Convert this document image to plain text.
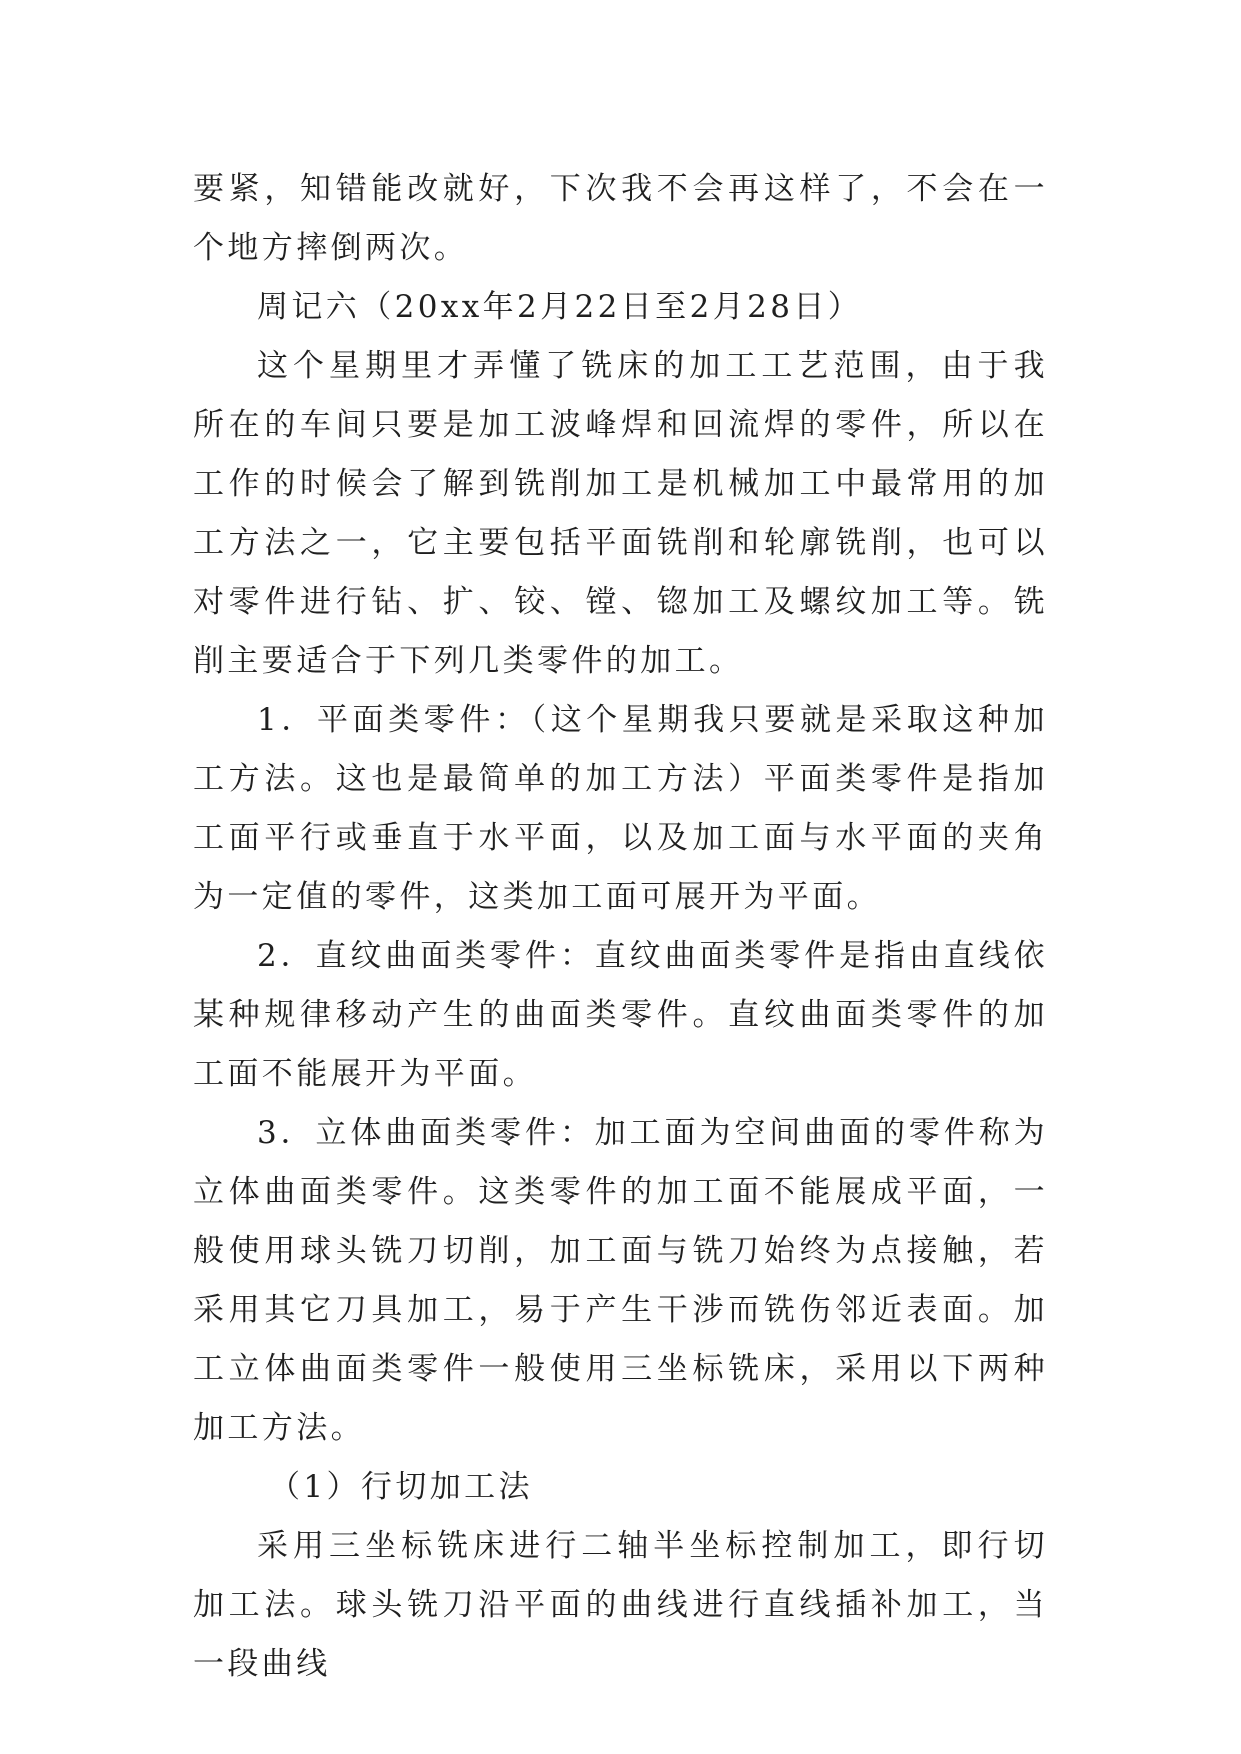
要紧，知错能改就好，下次我不会再这样了，不会在一个地方摔倒两次。

周记六（20xx年2月22日至2月28日）

这个星期里才弄懂了铣床的加工工艺范围，由于我所在的车间只要是加工波峰焊和回流焊的零件，所以在工作的时候会了解到铣削加工是机械加工中最常用的加工方法之一，它主要包括平面铣削和轮廓铣削，也可以对零件进行钻、扩、铰、镗、锪加工及螺纹加工等。铣削主要适合于下列几类零件的加工。

1．平面类零件：（这个星期我只要就是采取这种加工方法。这也是最简单的加工方法）平面类零件是指加工面平行或垂直于水平面，以及加工面与水平面的夹角为一定值的零件，这类加工面可展开为平面。

2．直纹曲面类零件：直纹曲面类零件是指由直线依某种规律移动产生的曲面类零件。直纹曲面类零件的加工面不能展开为平面。

3．立体曲面类零件：加工面为空间曲面的零件称为立体曲面类零件。这类零件的加工面不能展成平面，一般使用球头铣刀切削，加工面与铣刀始终为点接触，若采用其它刀具加工，易于产生干涉而铣伤邻近表面。加工立体曲面类零件一般使用三坐标铣床，采用以下两种加工方法。

（1）行切加工法

采用三坐标铣床进行二轴半坐标控制加工，即行切加工法。球头铣刀沿平面的曲线进行直线插补加工，当一段曲线
